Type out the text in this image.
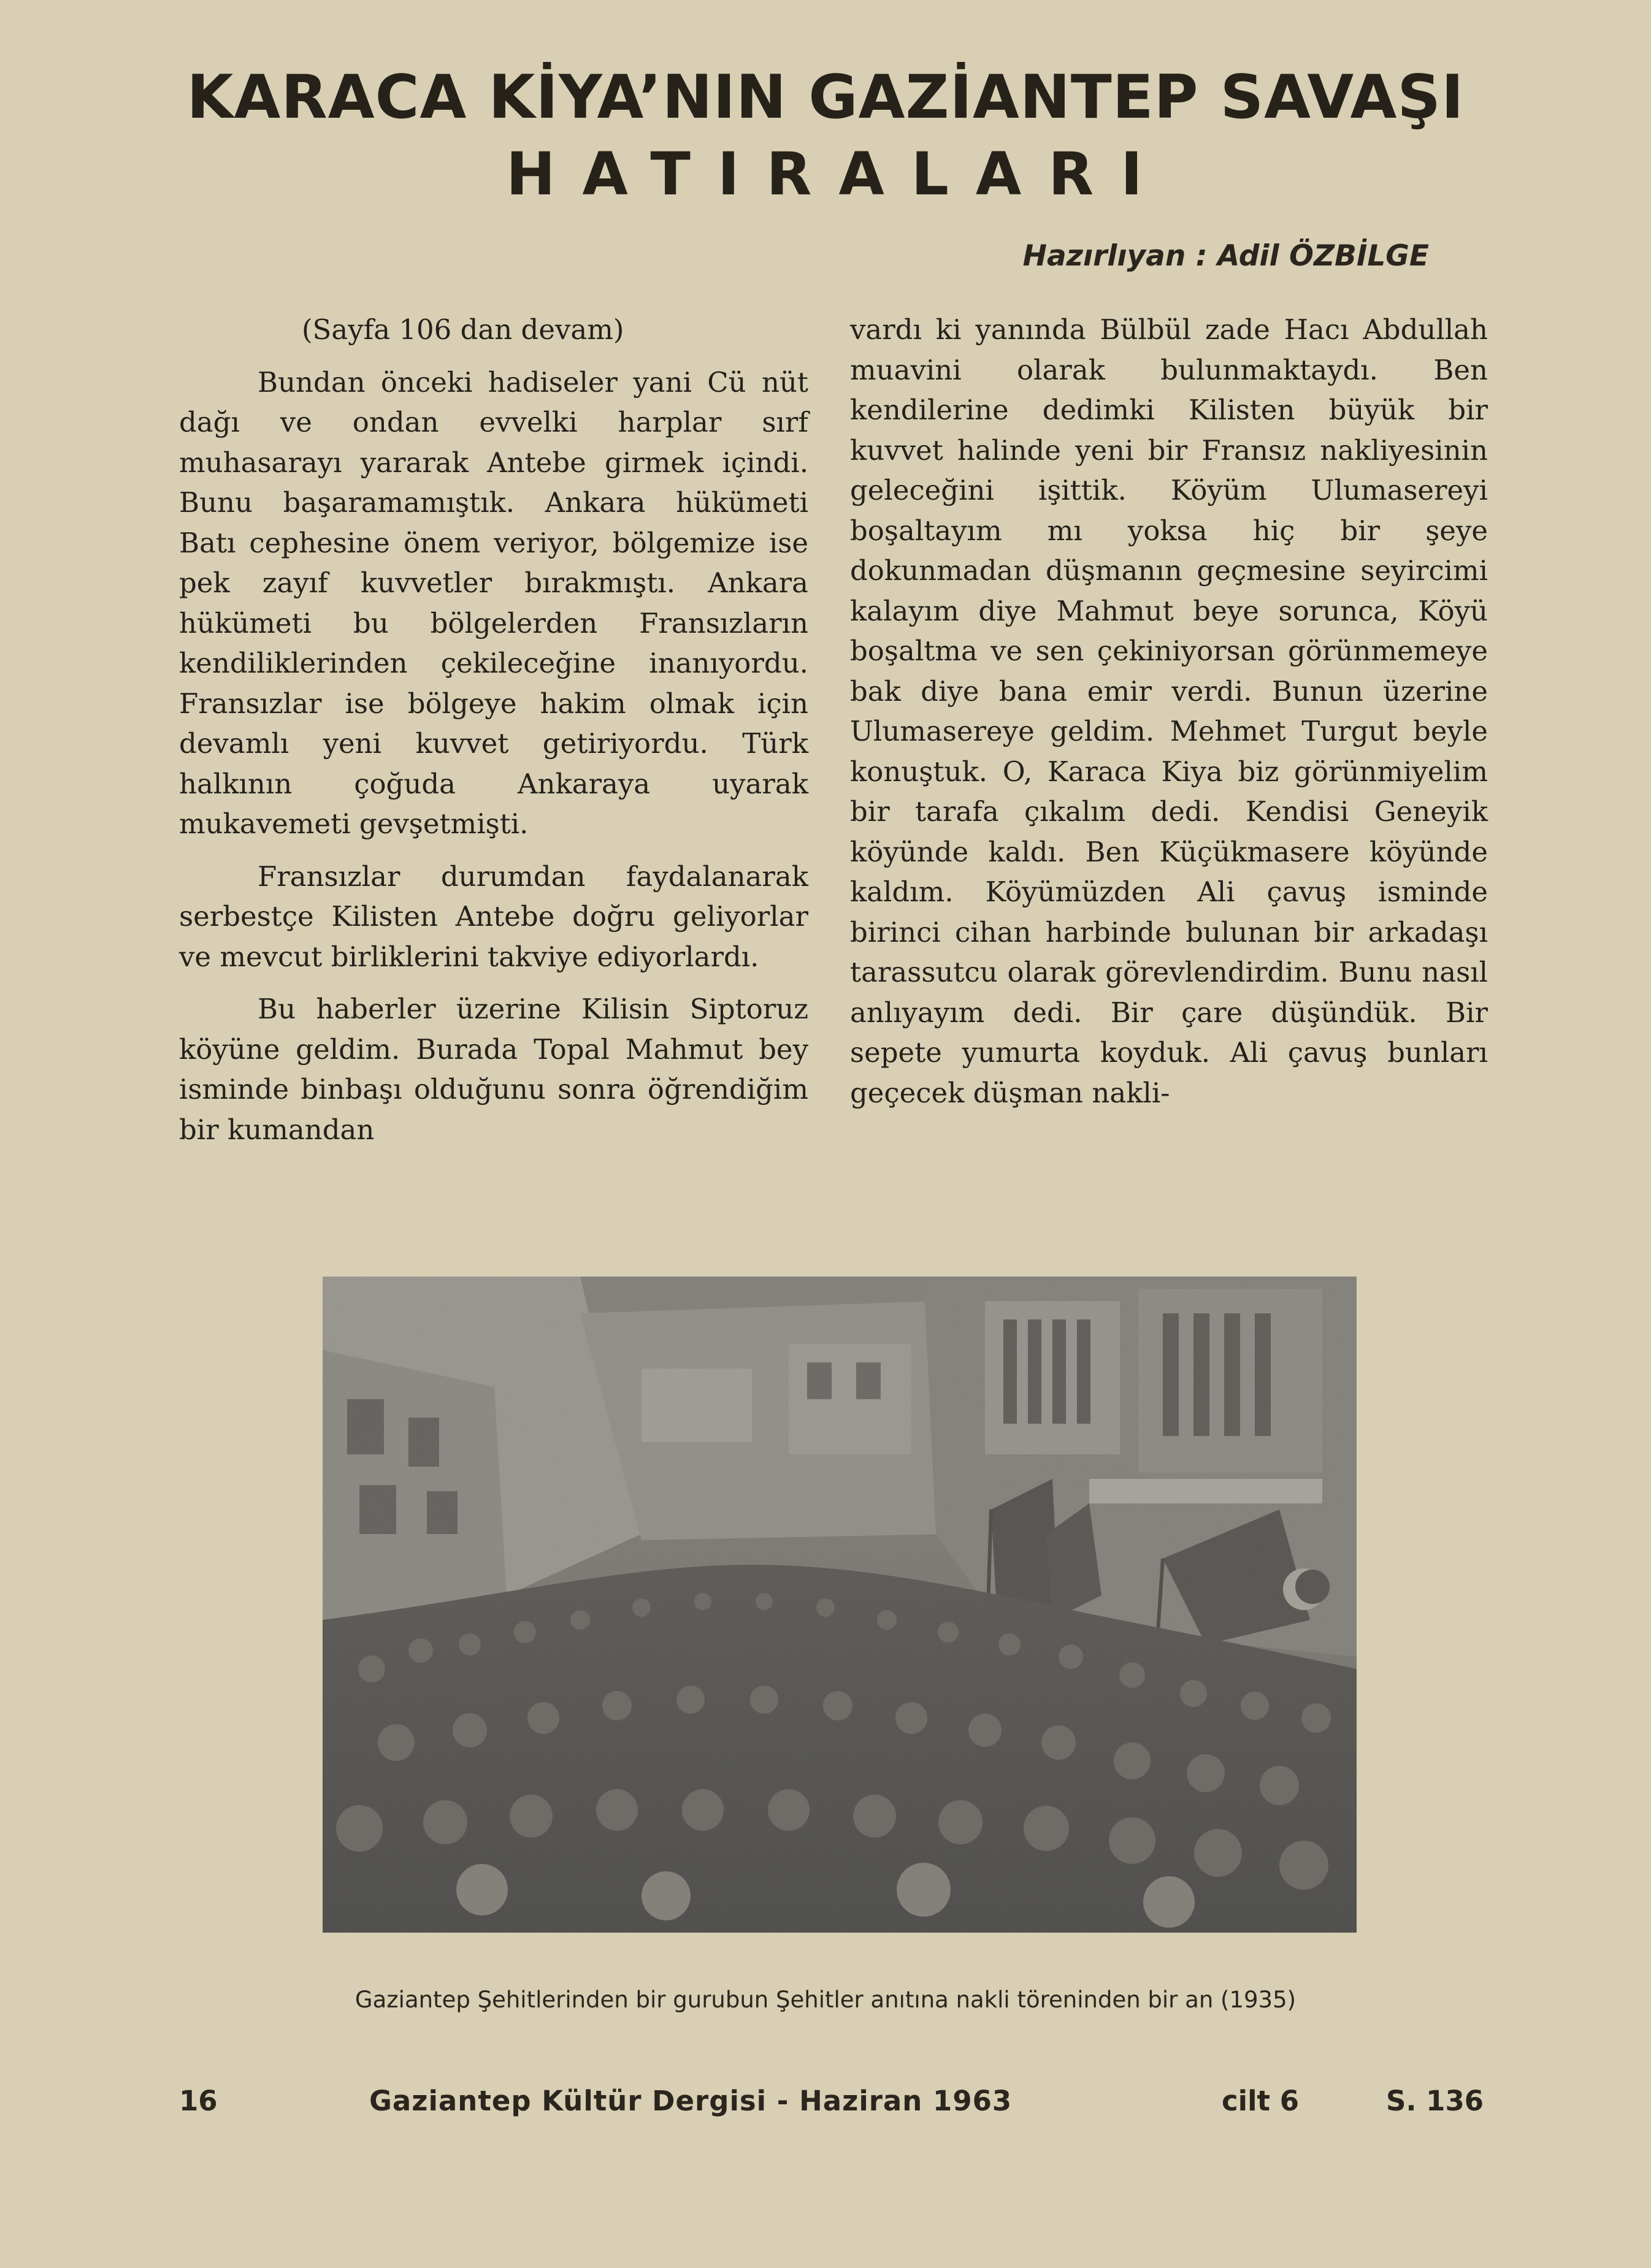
KARACA KİYA’NIN GAZİANTEP SAVAŞI
HATIRALARI
Hazırlıyan : Adil ÖZBİLGE

(Sayfa 106 dan devam)

Bundan önceki hadiseler yani Cü nüt dağı ve ondan evvelki harplar sırf muhasarayı yararak Antebe girmek içindi. Bunu başaramamıştık. Ankara hükümeti Batı cephesine önem veriyor, bölgemize ise pek zayıf kuvvetler bırakmıştı. Ankara hükümeti bu bölgelerden Fransızların kendiliklerinden çekileceğine inanıyordu. Fransızlar ise bölgeye hakim olmak için devamlı yeni kuvvet getiriyordu. Türk halkının çoğuda Ankaraya uyarak mukavemeti gevşetmişti.

Fransızlar durumdan faydalanarak serbestçe Kilisten Antebe doğru geliyorlar ve mevcut birliklerini takviye ediyorlardı.

Bu haberler üzerine Kilisin Siptoruz köyüne geldim. Burada Topal Mahmut bey isminde binbaşı olduğunu sonra öğrendiğim bir kumandan

vardı ki yanında Bülbül zade Hacı Abdullah muavini olarak bulunmaktaydı. Ben kendilerine dedimki Kilisten büyük bir kuvvet halinde yeni bir Fransız nakliyesinin geleceğini işittik. Köyüm Ulumasereyi boşaltayım mı yoksa hiç bir şeye dokunmadan düşmanın geçmesine seyircimi kalayım diye Mahmut beye sorunca, Köyü boşaltma ve sen çekiniyorsan görünmemeye bak diye bana emir verdi. Bunun üzerine Ulumasereye geldim. Mehmet Turgut beyle konuştuk. O, Karaca Kiya biz görünmiyelim bir tarafa çıkalım dedi. Kendisi Geneyik köyünde kaldı. Ben Küçükmasere köyünde kaldım. Köyümüzden Ali çavuş isminde birinci cihan harbinde bulunan bir arkadaşı tarassutcu olarak görevlendirdim. Bunu nasıl anlıyayım dedi. Bir çare düşündük. Bir sepete yumurta koyduk. Ali çavuş bunları geçecek düşman nakli-

Gaziantep Şehitlerinden bir gurubun Şehitler anıtına nakli töreninden bir an (1935)
16	Gaziantep Kültür Dergisi - Haziran 1963	cilt 6	S. 136
